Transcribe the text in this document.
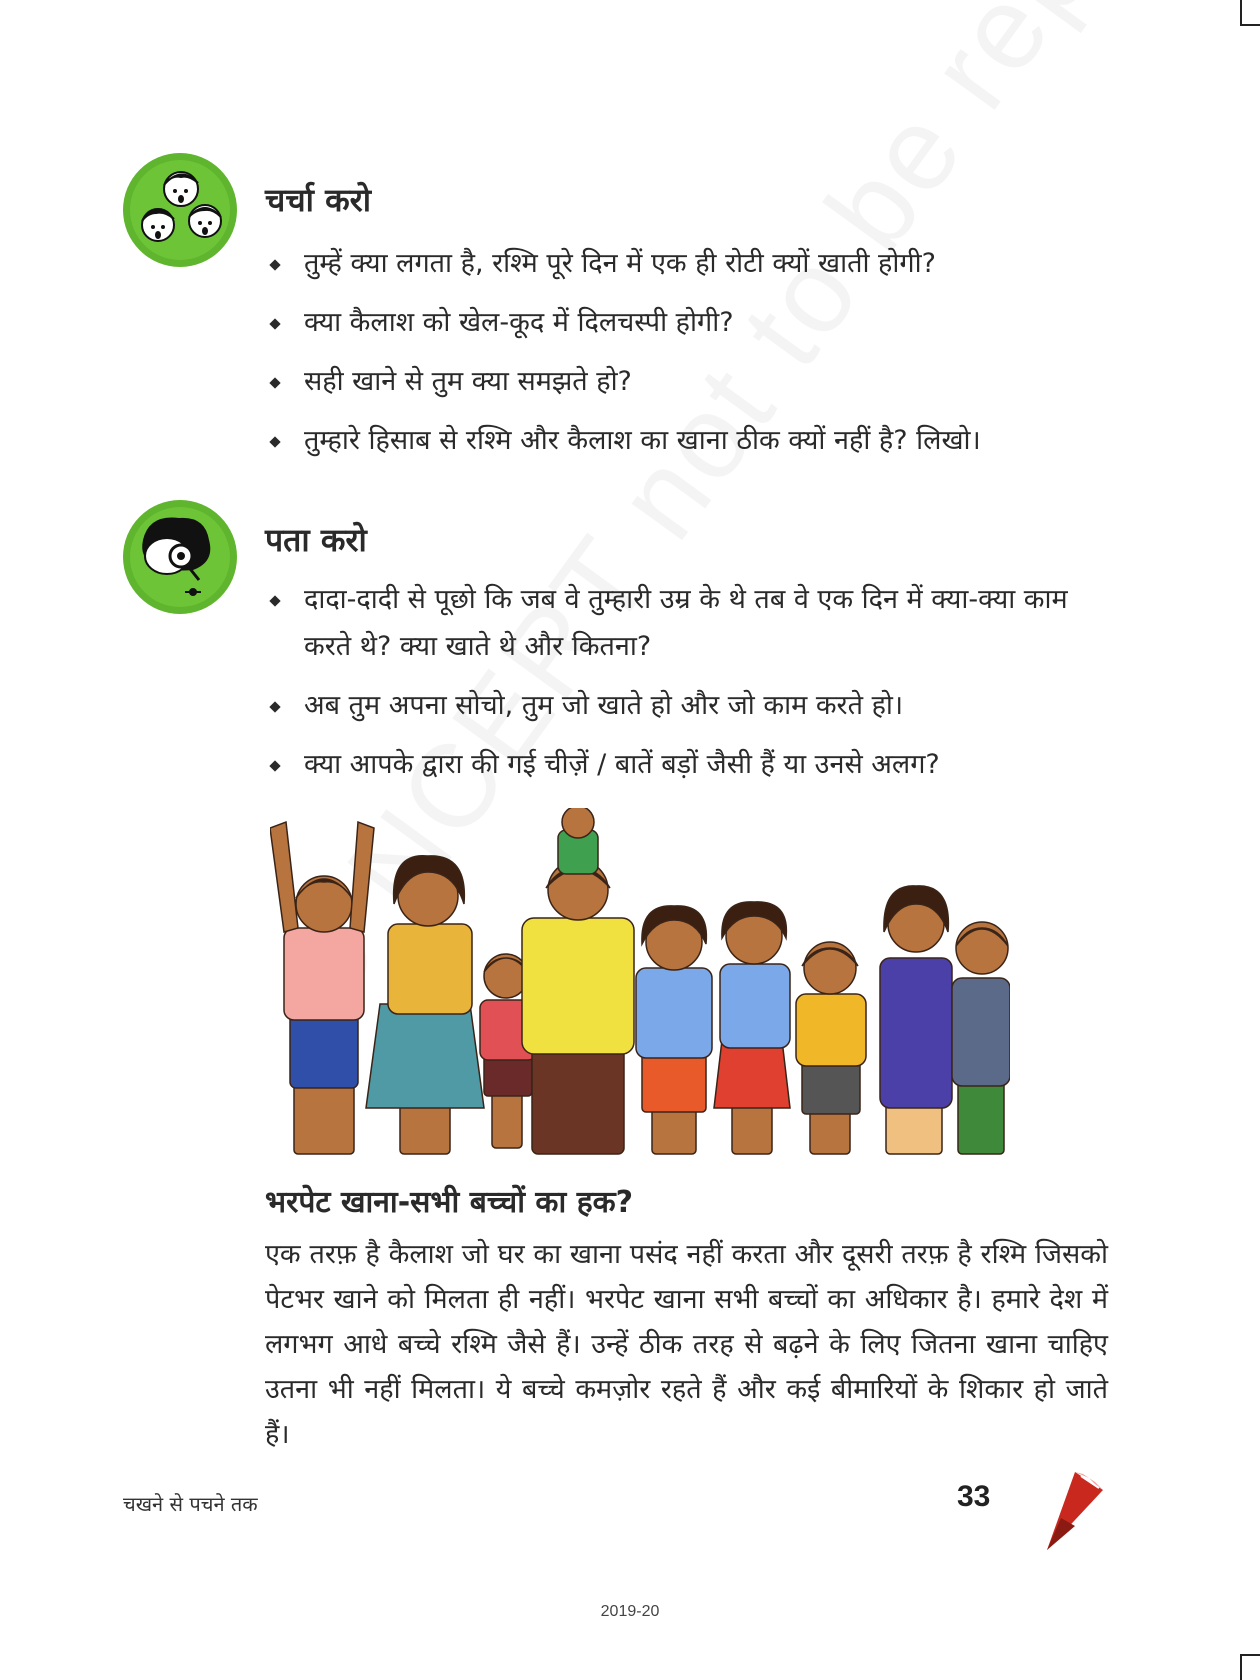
चर्चा करो
तुम्हें क्या लगता है, रश्मि पूरे दिन में एक ही रोटी क्यों खाती होगी?
क्या कैलाश को खेल-कूद में दिलचस्पी होगी?
सही खाने से तुम क्या समझते हो?
तुम्हारे हिसाब से रश्मि और कैलाश का खाना ठीक क्यों नहीं है? लिखो।
पता करो
दादा-दादी से पूछो कि जब वे तुम्हारी उम्र के थे तब वे एक दिन में क्या-क्या काम करते थे? क्या खाते थे और कितना?
अब तुम अपना सोचो, तुम जो खाते हो और जो काम करते हो।
क्या आपके द्वारा की गई चीज़ें / बातें बड़ों जैसी हैं या उनसे अलग?
भरपेट खाना-सभी बच्चों का हक?

एक तरफ़ है कैलाश जो घर का खाना पसंद नहीं करता और दूसरी तरफ़ है रश्मि जिसको पेटभर खाने को मिलता ही नहीं। भरपेट खाना सभी बच्चों का अधिकार है। हमारे देश में लगभग आधे बच्चे रश्मि जैसे हैं। उन्हें ठीक तरह से बढ़ने के लिए जितना खाना चाहिए उतना भी नहीं मिलता। ये बच्चे कमज़ोर रहते हैं और कई बीमारियों के शिकार हो जाते हैं।

चखने से पचने तक	33
2019-20
